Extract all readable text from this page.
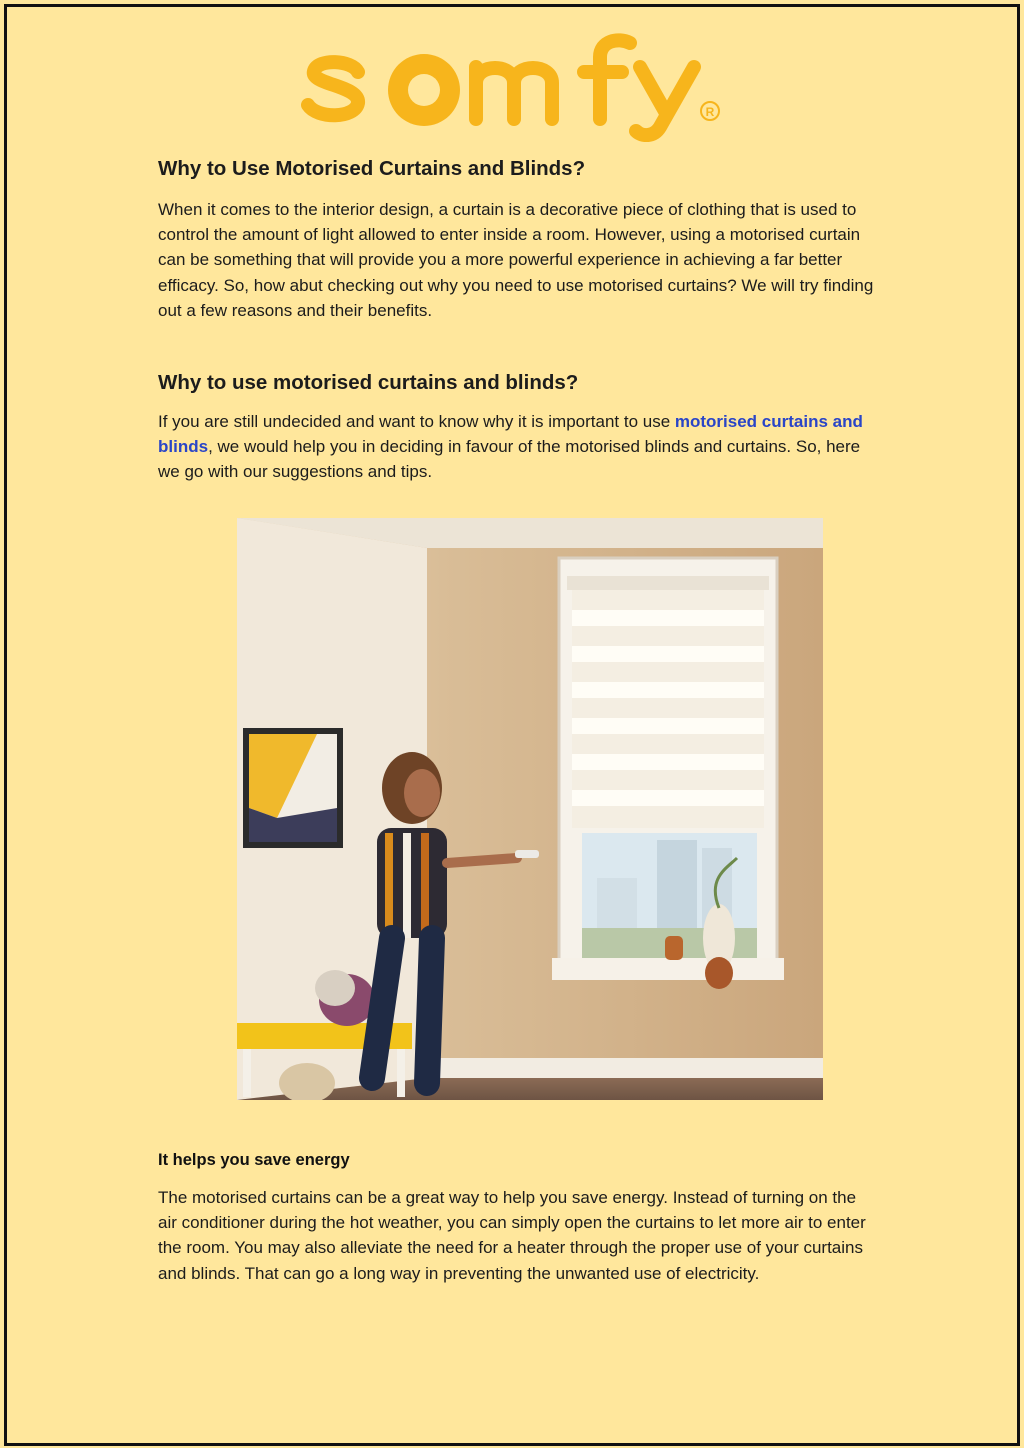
R
Why to Use Motorised Curtains and Blinds?

When it comes to the interior design, a curtain is a decorative piece of clothing that is used to control the amount of light allowed to enter inside a room. However, using a motorised curtain can be something that will provide you a more powerful experience in achieving a far better efficacy. So, how abut checking out why you need to use motorised curtains? We will try finding out a few reasons and their benefits.

Why to use motorised curtains and blinds?

If you are still undecided and want to know why it is important to use motorised curtains and blinds, we would help you in deciding in favour of the motorised blinds and curtains. So, here we go with our suggestions and tips.

It helps you save energy

The motorised curtains can be a great way to help you save energy. Instead of turning on the air conditioner during the hot weather, you can simply open the curtains to let more air to enter the room. You may also alleviate the need for a heater through the proper use of your curtains and blinds. That can go a long way in preventing the unwanted use of electricity.
